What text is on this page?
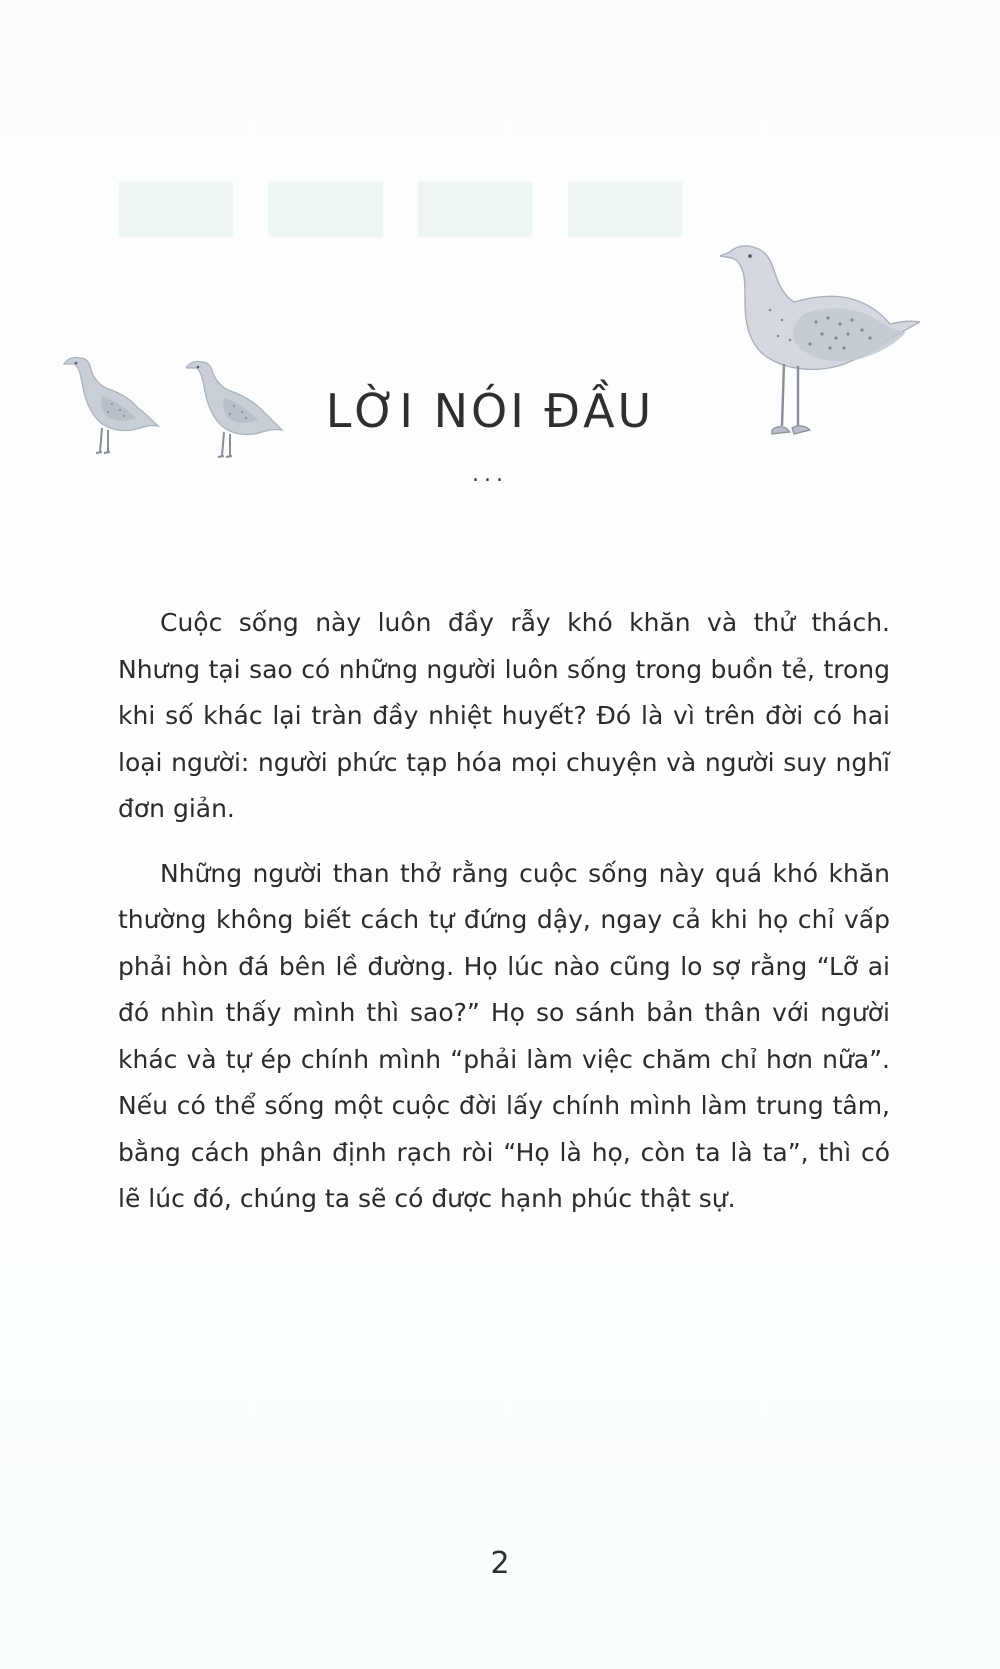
▬▬▬▬
LỜI NÓI ĐẦU
...

Cuộc sống này luôn đầy rẫy khó khăn và thử thách. Nhưng tại sao có những người luôn sống trong buồn tẻ, trong khi số khác lại tràn đầy nhiệt huyết? Đó là vì trên đời có hai loại người: người phức tạp hóa mọi chuyện và người suy nghĩ đơn giản.

Những người than thở rằng cuộc sống này quá khó khăn thường không biết cách tự đứng dậy, ngay cả khi họ chỉ vấp phải hòn đá bên lề đường. Họ lúc nào cũng lo sợ rằng “Lỡ ai đó nhìn thấy mình thì sao?” Họ so sánh bản thân với người khác và tự ép chính mình “phải làm việc chăm chỉ hơn nữa”. Nếu có thể sống một cuộc đời lấy chính mình làm trung tâm, bằng cách phân định rạch ròi “Họ là họ, còn ta là ta”, thì có lẽ lúc đó, chúng ta sẽ có được hạnh phúc thật sự.

2
